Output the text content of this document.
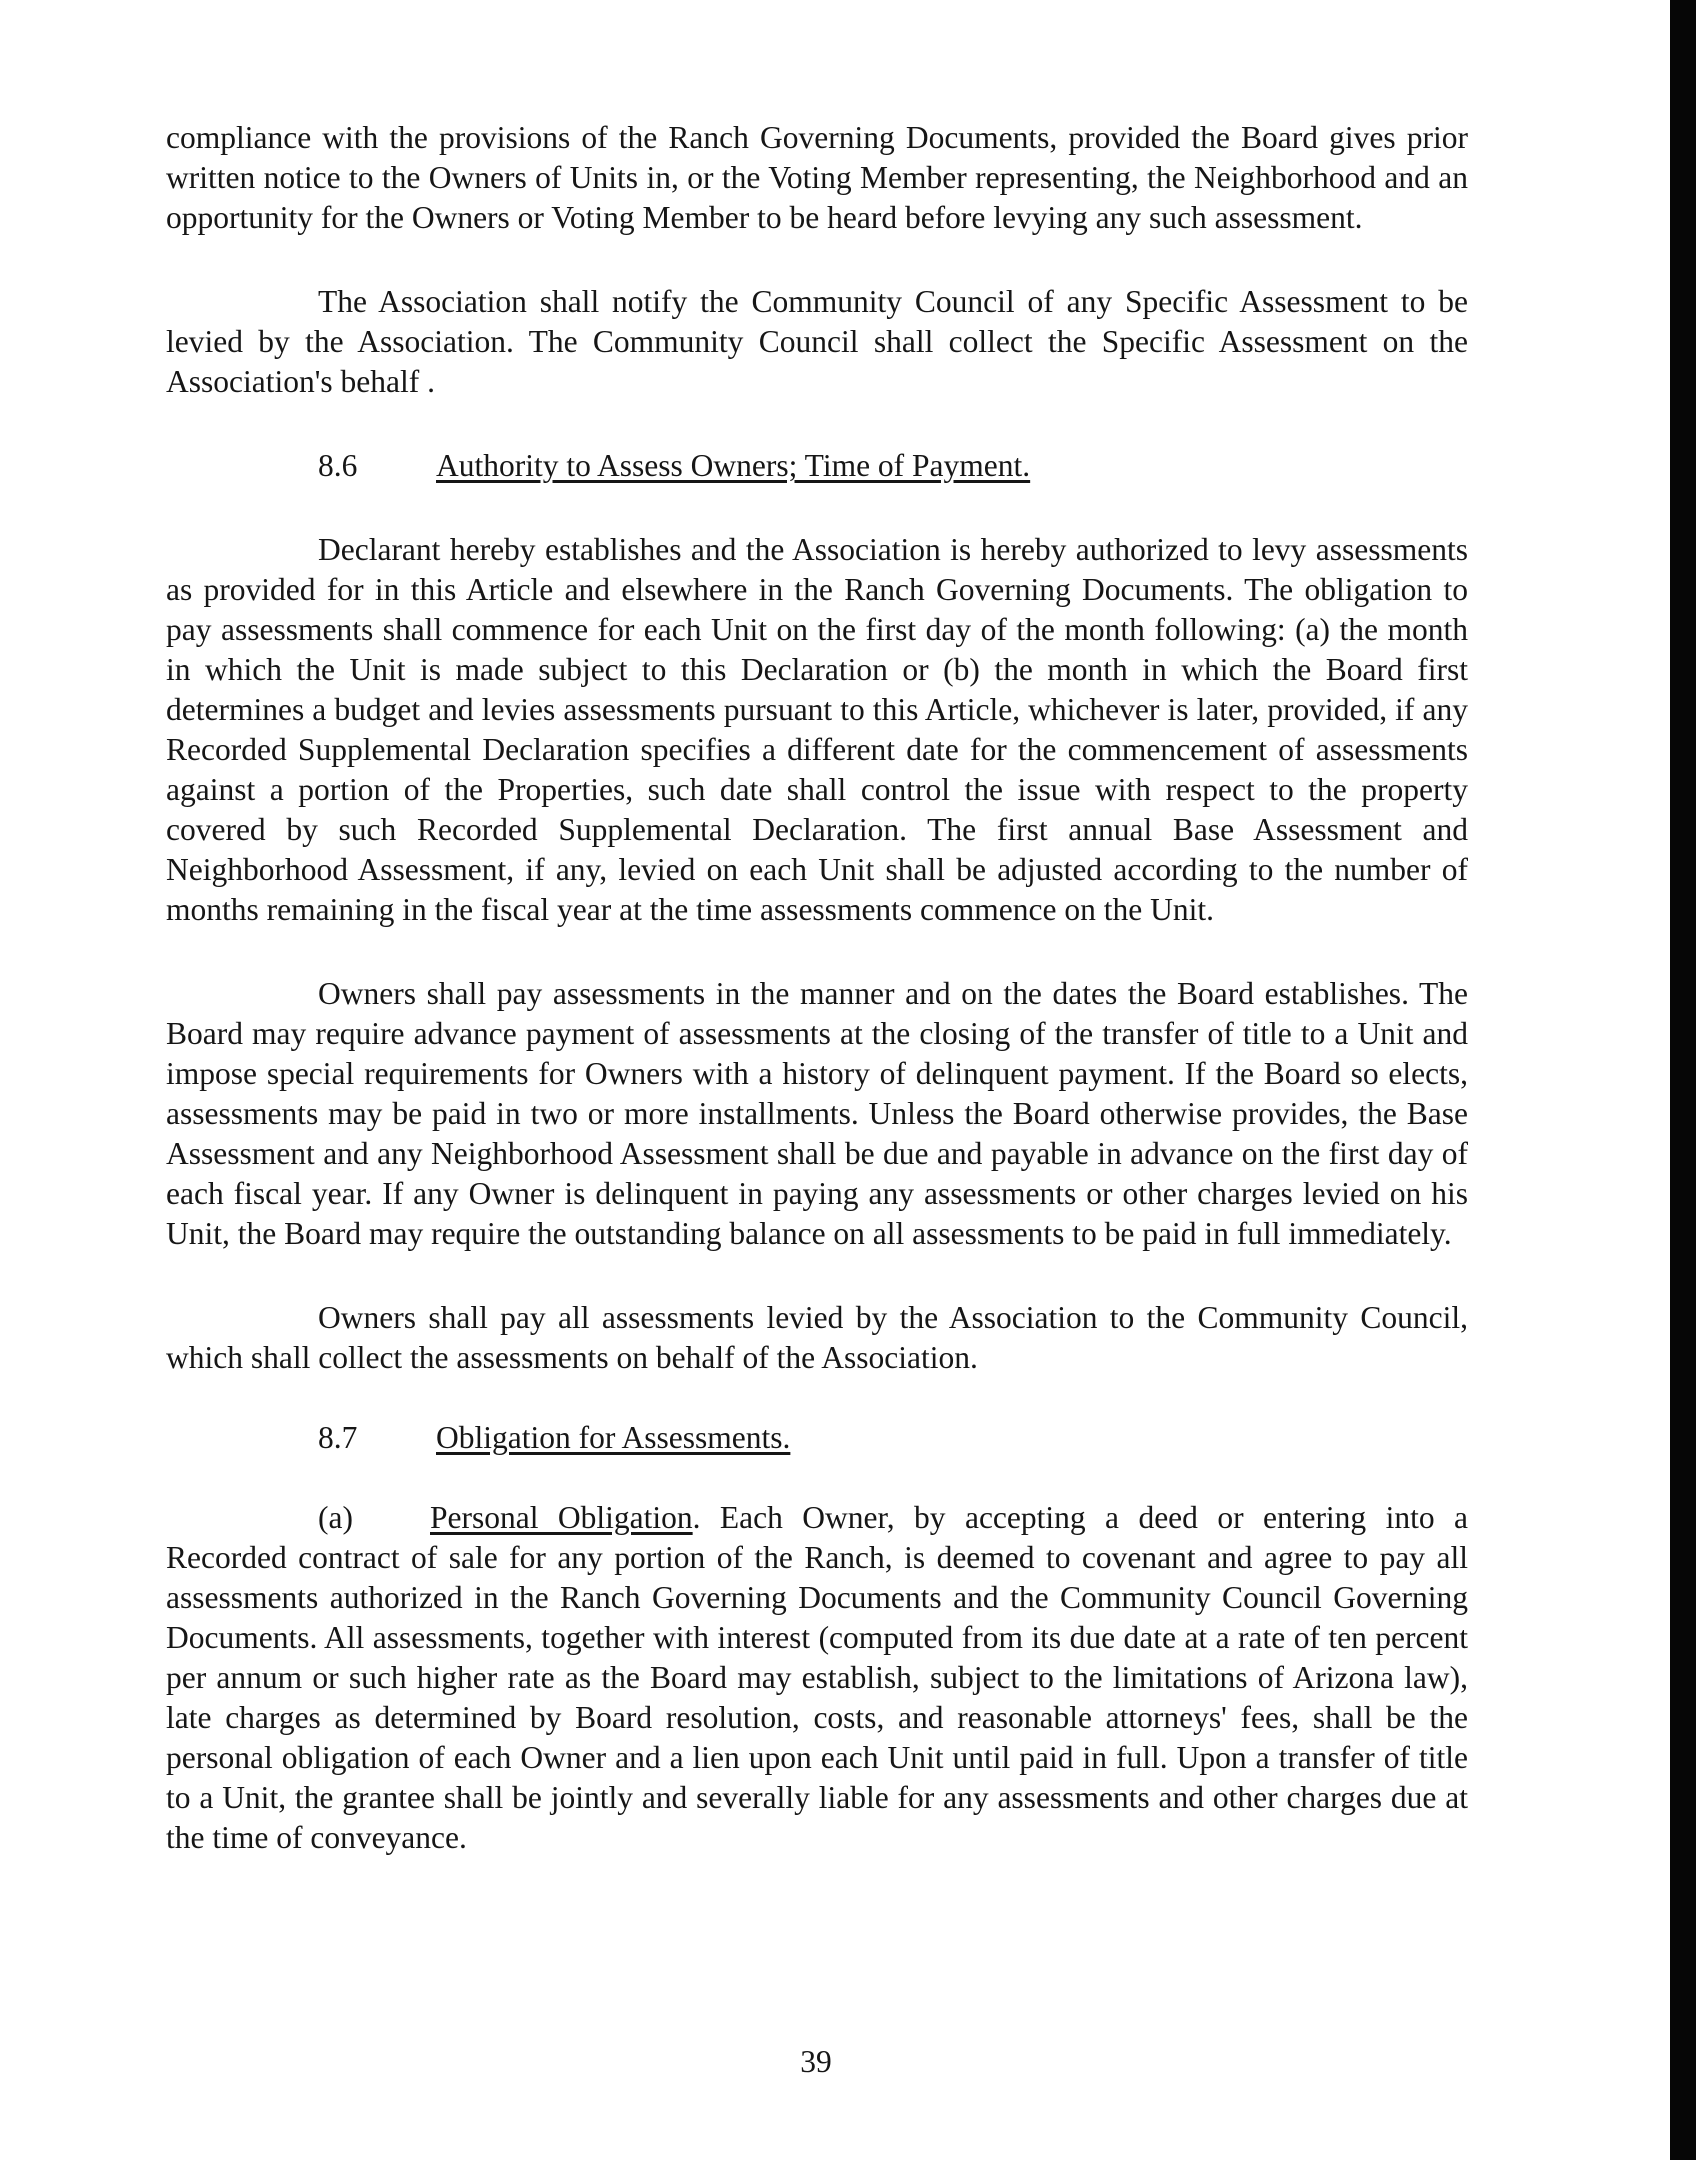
compliance with the provisions of the Ranch Governing Documents, provided the Board gives prior written notice to the Owners of Units in, or the Voting Member representing, the Neighborhood and an opportunity for the Owners or Voting Member to be heard before levying any such assessment.

The Association shall notify the Community Council of any Specific Assessment to be levied by the Association. The Community Council shall collect the Specific Assessment on the Association's behalf .

8.6 Authority to Assess Owners; Time of Payment.

Declarant hereby establishes and the Association is hereby authorized to levy assessments as provided for in this Article and elsewhere in the Ranch Governing Documents. The obligation to pay assessments shall commence for each Unit on the first day of the month following: (a) the month in which the Unit is made subject to this Declaration or (b) the month in which the Board first determines a budget and levies assessments pursuant to this Article, whichever is later, provided, if any Recorded Supplemental Declaration specifies a different date for the commencement of assessments against a portion of the Properties, such date shall control the issue with respect to the property covered by such Recorded Supplemental Declaration. The first annual Base Assessment and Neighborhood Assessment, if any, levied on each Unit shall be adjusted according to the number of months remaining in the fiscal year at the time assessments commence on the Unit.

Owners shall pay assessments in the manner and on the dates the Board establishes. The Board may require advance payment of assessments at the closing of the transfer of title to a Unit and impose special requirements for Owners with a history of delinquent payment. If the Board so elects, assessments may be paid in two or more installments. Unless the Board otherwise provides, the Base Assessment and any Neighborhood Assessment shall be due and payable in advance on the first day of each fiscal year. If any Owner is delinquent in paying any assessments or other charges levied on his Unit, the Board may require the outstanding balance on all assessments to be paid in full immediately.

Owners shall pay all assessments levied by the Association to the Community Council, which shall collect the assessments on behalf of the Association.

8.7 Obligation for Assessments.

(a) Personal Obligation. Each Owner, by accepting a deed or entering into a Recorded contract of sale for any portion of the Ranch, is deemed to covenant and agree to pay all assessments authorized in the Ranch Governing Documents and the Community Council Governing Documents. All assessments, together with interest (computed from its due date at a rate of ten percent per annum or such higher rate as the Board may establish, subject to the limitations of Arizona law), late charges as determined by Board resolution, costs, and reasonable attorneys' fees, shall be the personal obligation of each Owner and a lien upon each Unit until paid in full. Upon a transfer of title to a Unit, the grantee shall be jointly and severally liable for any assessments and other charges due at the time of conveyance.

39
